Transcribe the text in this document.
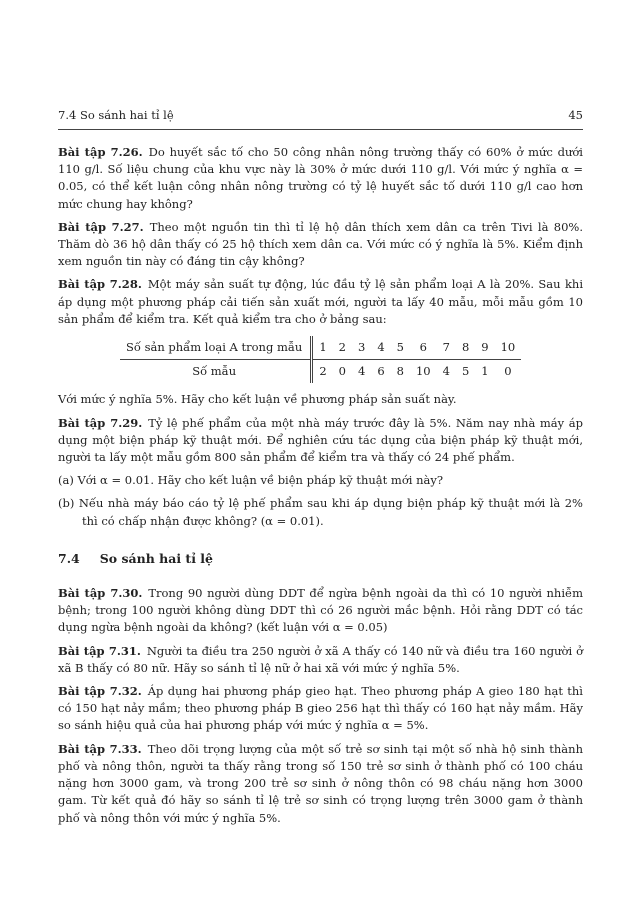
7.4 So sánh hai tỉ lệ	45

Bài tập 7.26. Do huyết sắc tố cho 50 công nhân nông trường thấy có 60% ở mức dưới 110 g/l. Số liệu chung của khu vực này là 30% ở mức dưới 110 g/l. Với mức ý nghĩa α = 0.05, có thể kết luận công nhân nông trường có tỷ lệ huyết sắc tố dưới 110 g/l cao hơn mức chung hay không?

Bài tập 7.27. Theo một nguồn tin thì tỉ lệ hộ dân thích xem dân ca trên Tivi là 80%. Thăm dò 36 hộ dân thấy có 25 hộ thích xem dân ca. Với mức có ý nghĩa là 5%. Kiểm định xem nguồn tin này có đáng tin cậy không?

Bài tập 7.28. Một máy sản suất tự động, lúc đầu tỷ lệ sản phẩm loại A là 20%. Sau khi áp dụng một phương pháp cải tiến sản xuất mới, người ta lấy 40 mẫu, mỗi mẫu gồm 10 sản phẩm để kiểm tra. Kết quả kiểm tra cho ở bảng sau:

Số sản phẩm loại A trong mẫu		1	2	3	4	5	6	7	8	9	10
Số mẫu		2	0	4	6	8	10	4	5	1	0

Với mức ý nghĩa 5%. Hãy cho kết luận về phương pháp sản suất này.

Bài tập 7.29. Tỷ lệ phế phẩm của một nhà máy trước đây là 5%. Năm nay nhà máy áp dụng một biện pháp kỹ thuật mới. Để nghiên cứu tác dụng của biện pháp kỹ thuật mới, người ta lấy một mẫu gồm 800 sản phẩm để kiểm tra và thấy có 24 phế phẩm.

(a) Với α = 0.01. Hãy cho kết luận về biện pháp kỹ thuật mới này?

(b) Nếu nhà máy báo cáo tỷ lệ phế phẩm sau khi áp dụng biện pháp kỹ thuật mới là 2% thì có chấp nhận được không? (α = 0.01).

7.4 So sánh hai tỉ lệ

Bài tập 7.30. Trong 90 người dùng DDT để ngừa bệnh ngoài da thì có 10 người nhiễm bệnh; trong 100 người không dùng DDT thì có 26 người mắc bệnh. Hỏi rằng DDT có tác dụng ngừa bệnh ngoài da không? (kết luận với α = 0.05)

Bài tập 7.31. Người ta điều tra 250 người ở xã A thấy có 140 nữ và điều tra 160 người ở xã B thấy có 80 nữ. Hãy so sánh tỉ lệ nữ ở hai xã với mức ý nghĩa 5%.

Bài tập 7.32. Áp dụng hai phương pháp gieo hạt. Theo phương pháp A gieo 180 hạt thì có 150 hạt nảy mầm; theo phương pháp B gieo 256 hạt thì thấy có 160 hạt nảy mầm. Hãy so sánh hiệu quả của hai phương pháp với mức ý nghĩa α = 5%.

Bài tập 7.33. Theo dõi trọng lượng của một số trẻ sơ sinh tại một số nhà hộ sinh thành phố và nông thôn, người ta thấy rằng trong số 150 trẻ sơ sinh ở thành phố có 100 cháu nặng hơn 3000 gam, và trong 200 trẻ sơ sinh ở nông thôn có 98 cháu nặng hơn 3000 gam. Từ kết quả đó hãy so sánh tỉ lệ trẻ sơ sinh có trọng lượng trên 3000 gam ở thành phố và nông thôn với mức ý nghĩa 5%.
